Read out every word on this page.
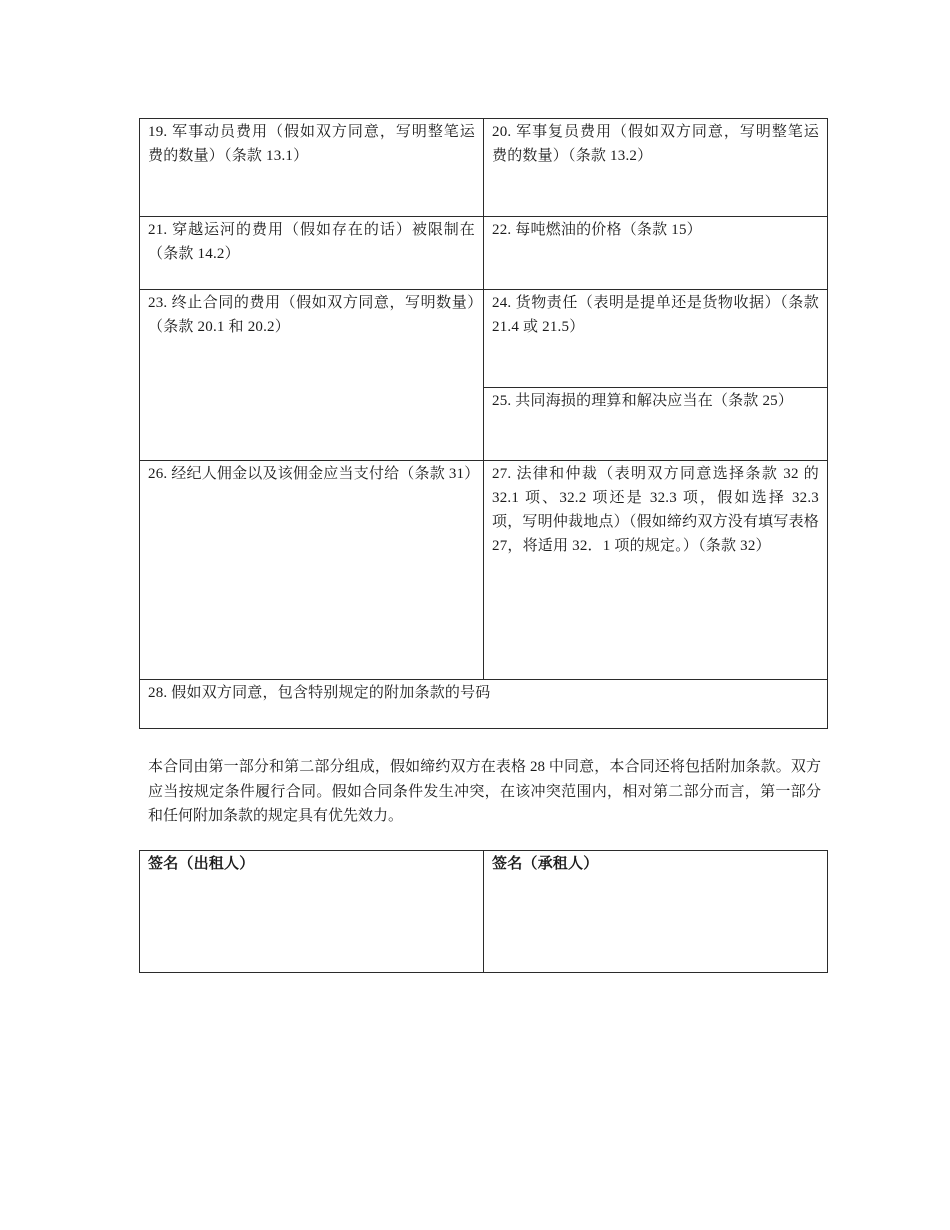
19. 军事动员费用（假如双方同意，写明整笔运费的数量）（条款 13.1）
20. 军事复员费用（假如双方同意，写明整笔运费的数量）（条款 13.2）
21. 穿越运河的费用（假如存在的话）被限制在（条款 14.2）
22. 每吨燃油的价格（条款 15）
23. 终止合同的费用（假如双方同意，写明数量）（条款 20.1 和 20.2）
24. 货物责任（表明是提单还是货物收据）（条款 21.4 或 21.5）
25. 共同海损的理算和解决应当在（条款 25）
26. 经纪人佣金以及该佣金应当支付给（条款 31） 27. 法律和仲裁（表明双方同意选择条款 32 的 32.1 项、32.2 项还是 32.3 项，假如选择 32.3 项，写明仲裁地点）（假如缔约双方没有填写表格 27，将适用 32．1 项的规定。）（条款 32）
28. 假如双方同意，包含特别规定的附加条款的号码
本合同由第一部分和第二部分组成，假如缔约双方在表格 28 中同意，本合同还将包括附加条款。双方应当按规定条件履行合同。假如合同条件发生冲突，在该冲突范围内，相对第二部分而言，第一部分和任何附加条款的规定具有优先效力。
签名（出租人）	签名（承租人）
